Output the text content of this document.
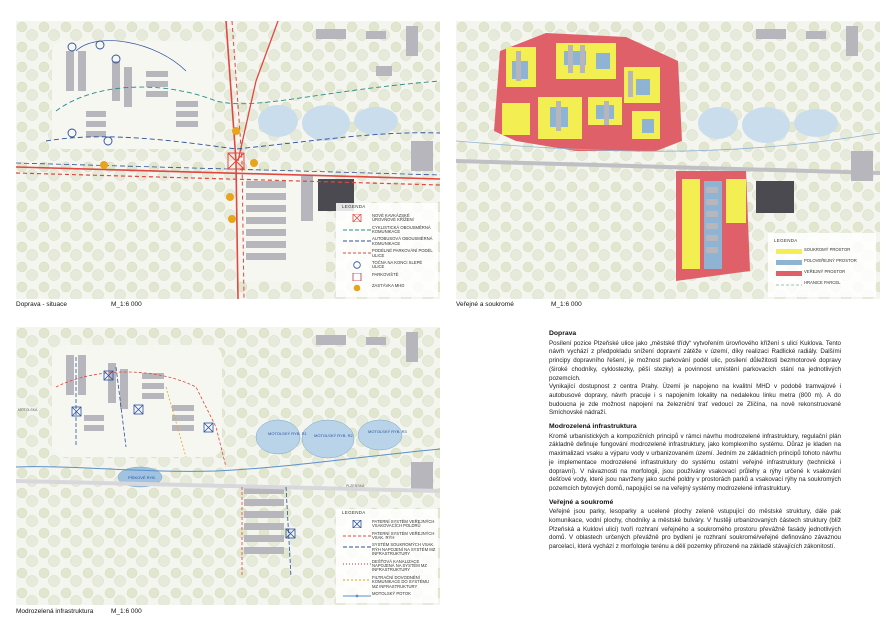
LEGENDA
NOVÉ KAVKÁZSKÉ ÚROVŇOVÉ KŘÍŽENÍ
CYKLISTICKÁ OBOUSMĚRNÁ KOMUNIKACE
AUTOBUSOVÁ OBOUSMĚRNÁ KOMUNIKACE
PODÉLNÉ PARKOVÁNÍ PODÉL ULICE
TOČNA NA KONCI SLEPÉ ULICE
PARKOVIŠTĚ
ZASTÁVKA MHD
Doprava - situace	M_1:6 000
LEGENDA
SOUKROMÝ PROSTOR
POLOVEŘEJNÝ PROSTOR
VEŘEJNÝ PROSTOR
HRANICE PARCEL
Veřejné a soukromé	M_1:6 000
MOTOLSKÝ RYB. R1 MOTOLSKÝ RYB. R2
MOTOLSKÝ RYB. R3
PÍSKOVÉ RYB.
PLZEŇSKÁ
MOTOLSKÁ
LEGENDA
PATERNÍ SYSTÉM VEŘEJNÝCH VSAKOVACÍCH POLDRŮ
PATERNÍ SYSTÉM VEŘEJNÝCH VSAK. RÝH
SYSTÉM SOUKROMÝCH VSAK. RÝH NAPOJENÍ NA SYSTÉM MZ INFRASTRUKTURY
DEŠŤOVÁ KANALIZACE NAPOJENÁ NA SYSTÉM MZ INFRASTRUKTURY
FILTRAČNÍ DOVODNĚNÍ KOMUNIKACE DO SYSTÉMU MZ INFRASTRUKTURY
MOTOLSKÝ POTOK
Modrozelená infrastruktura	M_1:6 000
Doprava

Posílení pozice Plzeňské ulice jako „městské třídy“ vytvořením úrovňového křížení s ulicí Kuklova. Tento návrh vychází z předpokladu snížení dopravní zátěže v území, díky realizaci Radlické radiály. Dalšími principy dopravního řešení, je možnost parkování podél ulic, posílení důležitosti bezmotorové dopravy (široké chodníky, cyklostezky, pěší stezky) a povinnost umístění parkovacích stání na jednotlivých pozemcích.

Vynikající dostupnost z centra Prahy. Území je napojeno na kvalitní MHD v podobě tramvajové i autobusové dopravy, návrh pracuje i s napojením lokality na nedalekou linku metra (800 m). A do budoucna je zde možnost napojení na železniční trať vedoucí ze Zličína, na nově rekonstruované Smíchovské nádraží.

Modrozelená infrastruktura

Kromě urbanistických a kompozičních principů v rámci návrhu modrozelené infrastruktury, regulační plán základně definuje fungování modrozelené infrastruktury, jako komplexního systému. Důraz je kladen na maximalizaci vsaku a výparu vody v urbanizovaném území. Jedním ze základních principů tohoto návrhu je implementace modrozelené infrastruktury do systému ostatní veřejné infrastruktury (technické i dopravní). V návaznosti na morfologii, jsou používány vsakovací průlehy a rýhy určené k vsakování dešťové vody, které jsou navrženy jako suché poldry v prostorách parků a vsakovací rýhy na soukromých pozemcích bytových domů, napojující se na veřejný systémy modrozelené infrastruktury.

Veřejné a soukromé

Veřejné jsou parky, lesoparky a ucelené plochy zeleně vstupující do městské struktury, dále pak komunikace, vodní plochy, chodníky a městské bulváry. V hustěji urbanizovaných částech struktury (blíž Plzeňská a Kuklovi ulici) tvoří rozhraní veřejného a soukromého prostoru převážně fasády jednotlivých domů. V oblastech určených převážně pro bydlení je rozhraní soukromé/veřejné definováno závaznou parcelací, která vychází z morfologie terénu a dělí pozemky přirozeně na základě stávajících zákonitostí.
